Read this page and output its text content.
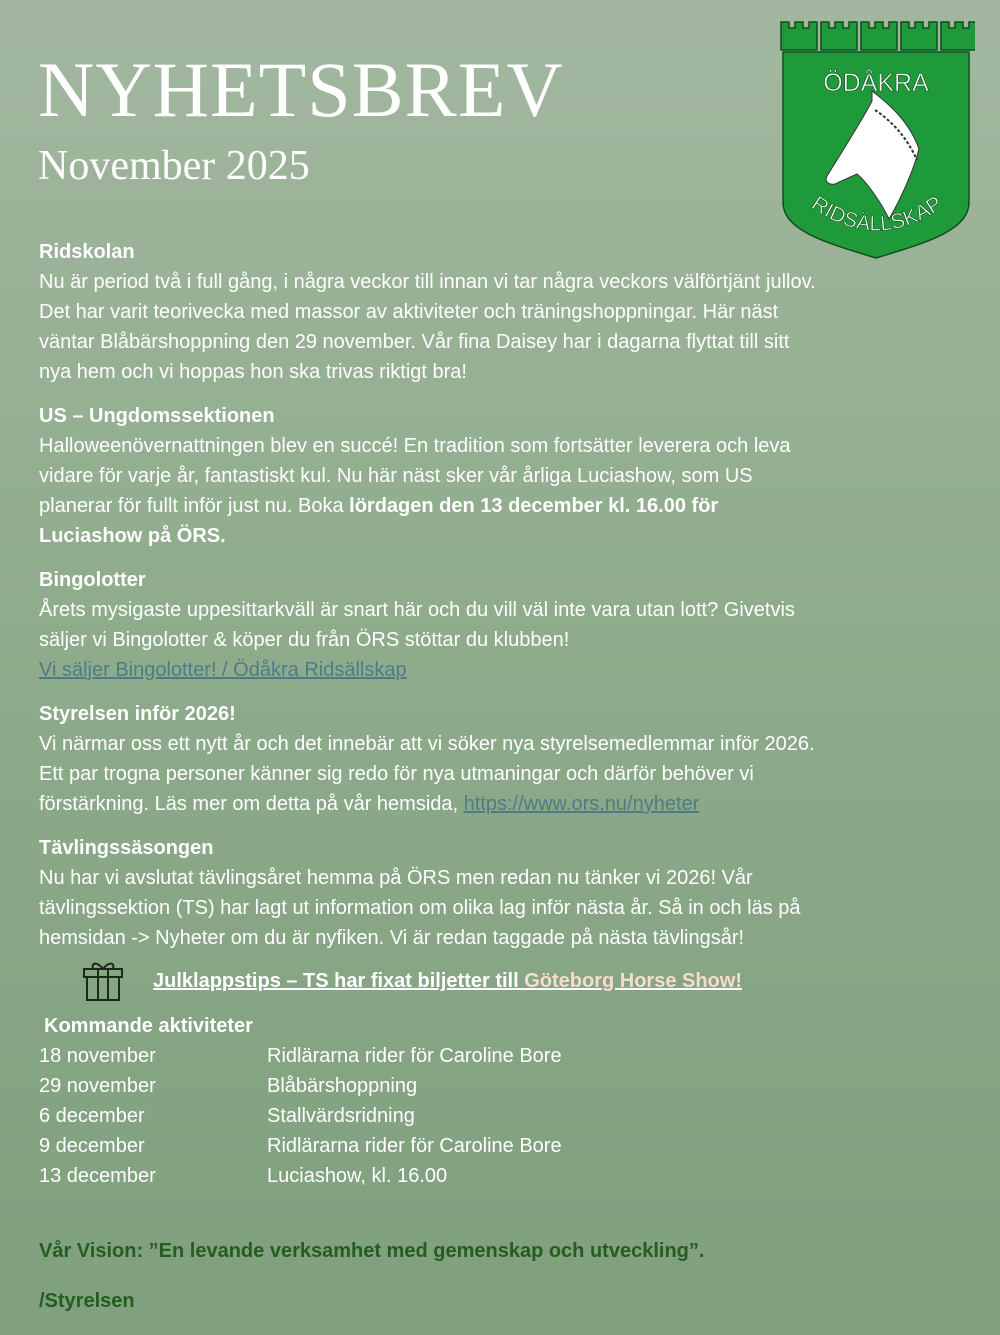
NYHETSBREV
November 2025
ÖDÅKRA
RIDSÄLLSKAP
Ridskolan
Nu är period två i full gång, i några veckor till innan vi tar några veckors välförtjänt jullov.
Det har varit teorivecka med massor av aktiviteter och träningshoppningar. Här näst
väntar Blåbärshoppning den 29 november. Vår fina Daisey har i dagarna flyttat till sitt
nya hem och vi hoppas hon ska trivas riktigt bra!
US – Ungdomssektionen
Halloweenövernattningen blev en succé! En tradition som fortsätter leverera och leva
vidare för varje år, fantastiskt kul. Nu här näst sker vår årliga Luciashow, som US
planerar för fullt inför just nu. Boka lördagen den 13 december kl. 16.00 för
Luciashow på ÖRS.
Bingolotter
Årets mysigaste uppesittarkväll är snart här och du vill väl inte vara utan lott? Givetvis
säljer vi Bingolotter & köper du från ÖRS stöttar du klubben!
Vi säljer Bingolotter! / Ödåkra Ridsällskap
Styrelsen inför 2026!
Vi närmar oss ett nytt år och det innebär att vi söker nya styrelsemedlemmar inför 2026.
Ett par trogna personer känner sig redo för nya utmaningar och därför behöver vi
förstärkning. Läs mer om detta på vår hemsida, https://www.ors.nu/nyheter
Tävlingssäsongen
Nu har vi avslutat tävlingsåret hemma på ÖRS men redan nu tänker vi 2026! Vår
tävlingssektion (TS) har lagt ut information om olika lag inför nästa år. Så in och läs på
hemsidan -> Nyheter om du är nyfiken. Vi är redan taggade på nästa tävlingsår!
Julklappstips – TS har fixat biljetter till Göteborg Horse Show!
Kommande aktiviteter
18 november	Ridlärarna rider för Caroline Bore
29 november	Blåbärshoppning
6 december	Stallvärdsridning
9 december	Ridlärarna rider för Caroline Bore
13 december	Luciashow, kl. 16.00
Vår Vision: ”En levande verksamhet med gemenskap och utveckling”.
/Styrelsen
